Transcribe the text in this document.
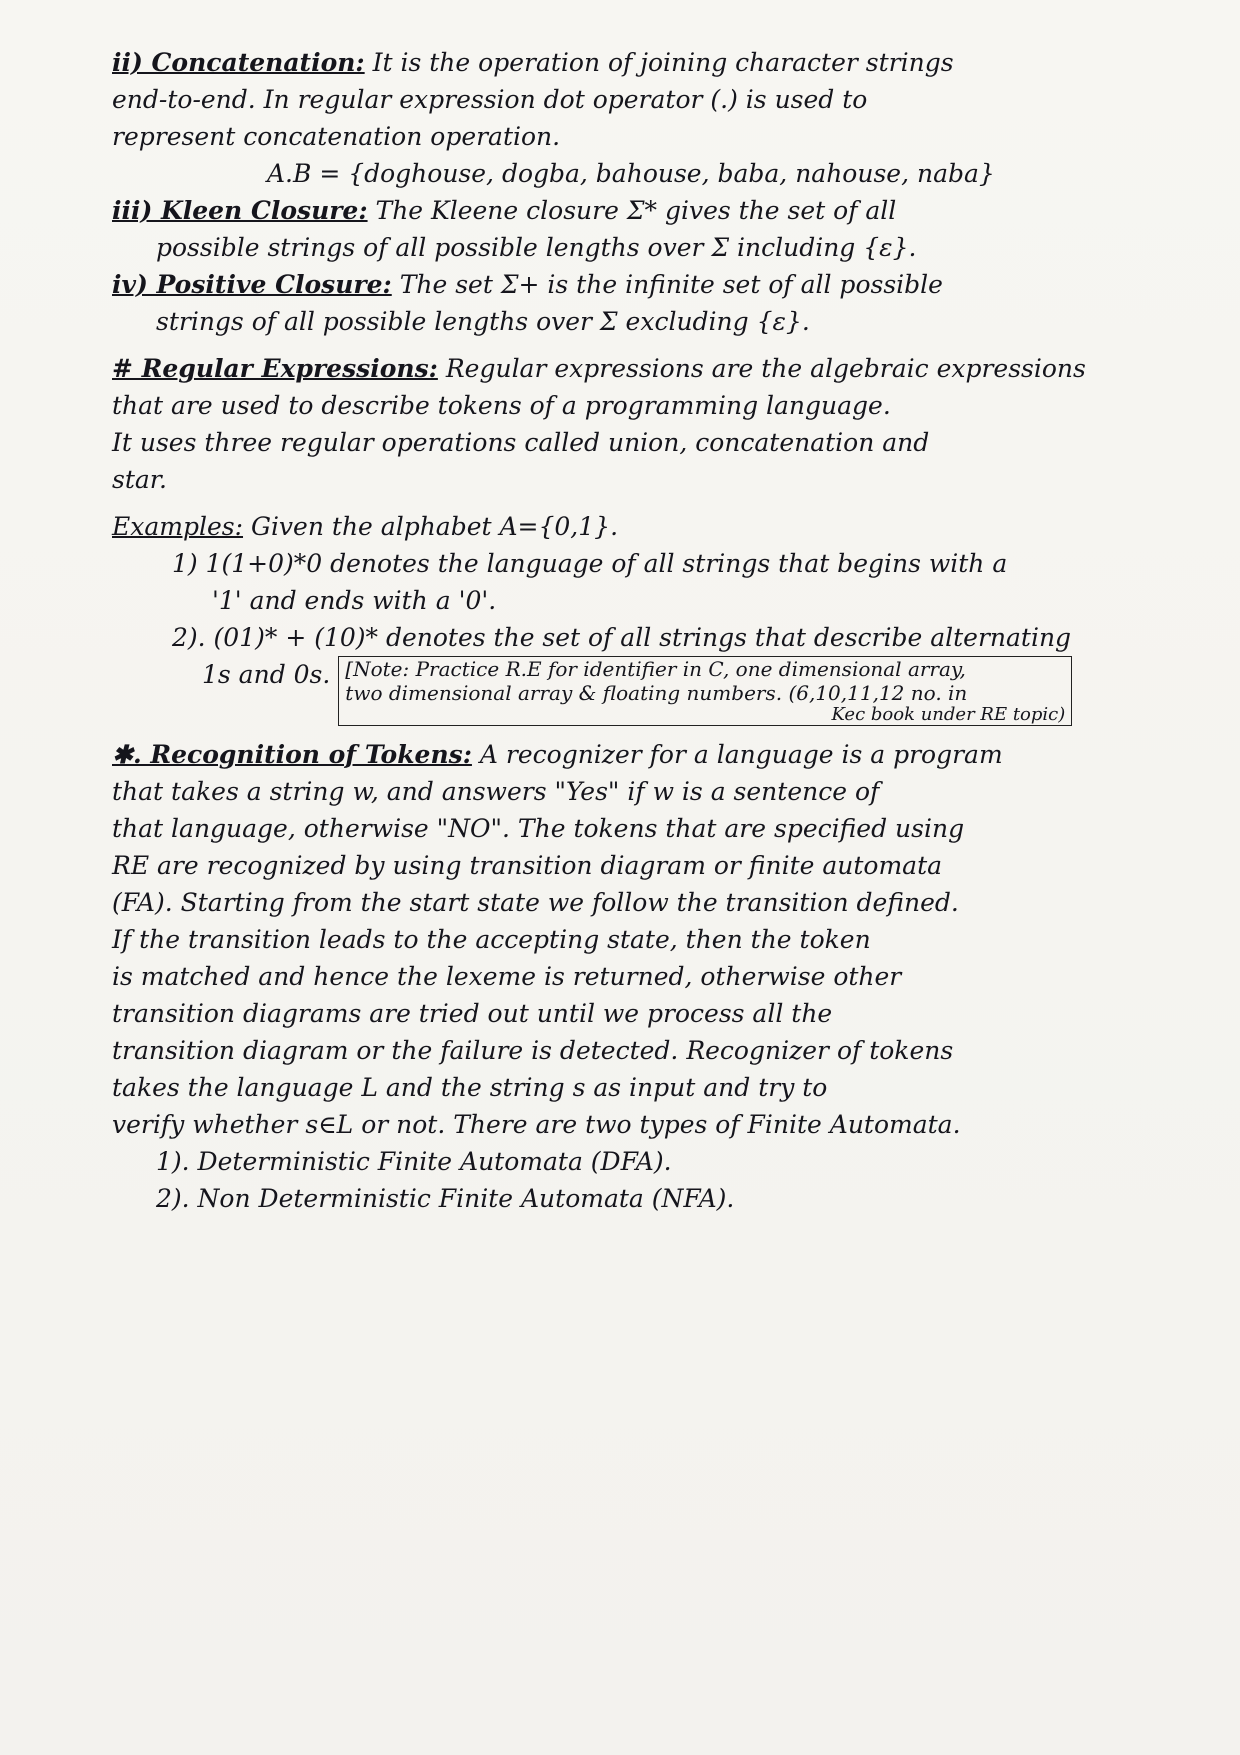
ii) Concatenation: It is the operation of joining character strings
end-to-end. In regular expression dot operator (.) is used to
represent concatenation operation.
A.B = {doghouse, dogba, bahouse, baba, nahouse, naba}
iii) Kleen Closure: The Kleene closure Σ* gives the set of all
possible strings of all possible lengths over Σ including {ε}.
iv) Positive Closure: The set Σ+ is the infinite set of all possible
strings of all possible lengths over Σ excluding {ε}.
# Regular Expressions: Regular expressions are the algebraic expressions
that are used to describe tokens of a programming language.
It uses three regular operations called union, concatenation and
star.
Examples: Given the alphabet A={0,1}.
1) 1(1+0)*0 denotes the language of all strings that begins with a
'1' and ends with a '0'.
2). (01)* + (10)* denotes the set of all strings that describe alternating
1s and 0s. [Note: Practice R.E for identifier in C, one dimensional array,
two dimensional array & floating numbers. (6,10,11,12 no. in
Kec book under RE topic)
✱. Recognition of Tokens: A recognizer for a language is a program
that takes a string w, and answers "Yes" if w is a sentence of
that language, otherwise "NO". The tokens that are specified using
RE are recognized by using transition diagram or finite automata
(FA). Starting from the start state we follow the transition defined.
If the transition leads to the accepting state, then the token
is matched and hence the lexeme is returned, otherwise other
transition diagrams are tried out until we process all the
transition diagram or the failure is detected. Recognizer of tokens
takes the language L and the string s as input and try to
verify whether s∈L or not. There are two types of Finite Automata.
1). Deterministic Finite Automata (DFA).
2). Non Deterministic Finite Automata (NFA).
